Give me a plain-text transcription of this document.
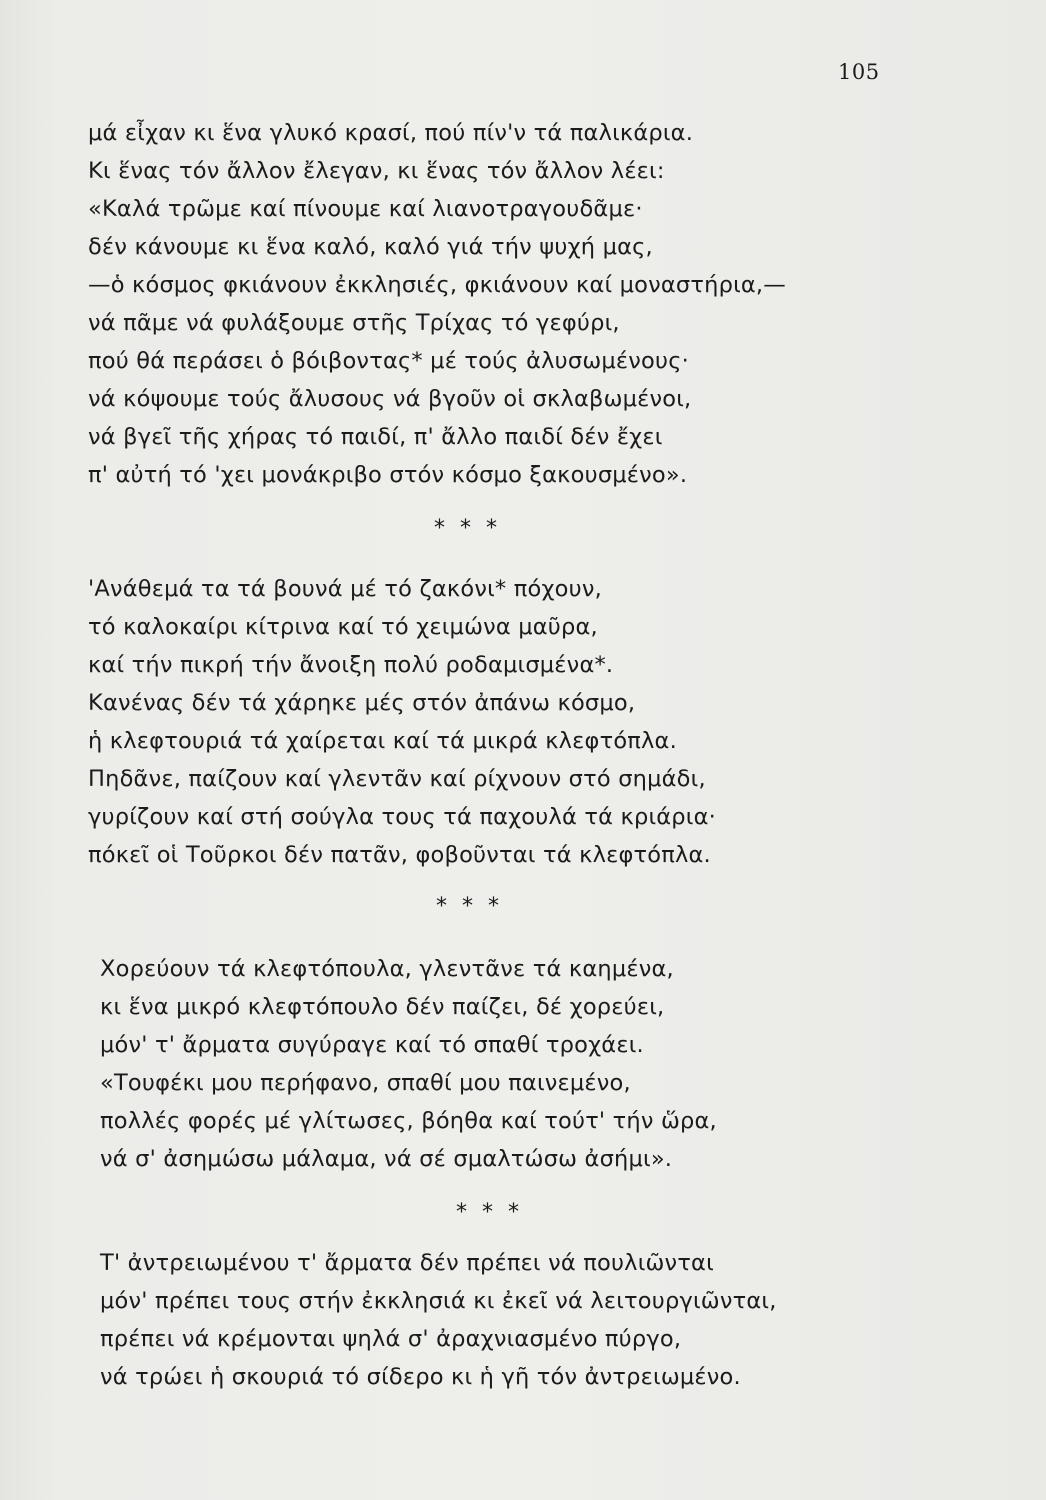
105
μά εἶχαν κι ἕνα γλυκό κρασί, πού πίν'ν τά παλικάρια.
Κι ἕνας τόν ἄλλον ἔλεγαν, κι ἕνας τόν ἄλλον λέει:
«Καλά τρῶμε καί πίνουμε καί λιανοτραγουδᾶμε·
δέν κάνουμε κι ἕνα καλό, καλό γιά τήν ψυχή μας,
—ὁ κόσμος φκιάνουν ἐκκλησιές, φκιάνουν καί μοναστήρια,—
νά πᾶμε νά φυλάξουμε στῆς Τρίχας τό γεφύρι,
πού θά περάσει ὁ βόιβοντας* μέ τούς ἀλυσωμένους·
νά κόψουμε τούς ἄλυσους νά βγοῦν οἱ σκλαβωμένοι,
νά βγεῖ τῆς χήρας τό παιδί, π' ἄλλο παιδί δέν ἔχει
π' αὐτή τό 'χει μονάκριβο στόν κόσμο ξακουσμένο».
* * *
'Ανάθεμά τα τά βουνά μέ τό ζακόνι* πόχουν,
τό καλοκαίρι κίτρινα καί τό χειμώνα μαῦρα,
καί τήν πικρή τήν ἄνοιξη πολύ ροδαμισμένα*.
Κανένας δέν τά χάρηκε μές στόν ἀπάνω κόσμο,
ἡ κλεφτουριά τά χαίρεται καί τά μικρά κλεφτόπλα.
Πηδᾶνε, παίζουν καί γλεντᾶν καί ρίχνουν στό σημάδι,
γυρίζουν καί στή σούγλα τους τά παχουλά τά κριάρια·
πόκεῖ οἱ Τοῦρκοι δέν πατᾶν, φοβοῦνται τά κλεφτόπλα.
* * *
Χορεύουν τά κλεφτόπουλα, γλεντᾶνε τά καημένα,
κι ἕνα μικρό κλεφτόπουλο δέν παίζει, δέ χορεύει,
μόν' τ' ἄρματα συγύραγε καί τό σπαθί τροχάει.
«Τουφέκι μου περήφανο, σπαθί μου παινεμένο,
πολλές φορές μέ γλίτωσες, βόηθα καί τούτ' τήν ὥρα,
νά σ' ἀσημώσω μάλαμα, νά σέ σμαλτώσω ἀσήμι».
* * *
Τ' ἀντρειωμένου τ' ἄρματα δέν πρέπει νά πουλιῶνται
μόν' πρέπει τους στήν ἐκκλησιά κι ἐκεῖ νά λειτουργιῶνται,
πρέπει νά κρέμονται ψηλά σ' ἀραχνιασμένο πύργο,
νά τρώει ἡ σκουριά τό σίδερο κι ἡ γῆ τόν ἀντρειωμένο.
